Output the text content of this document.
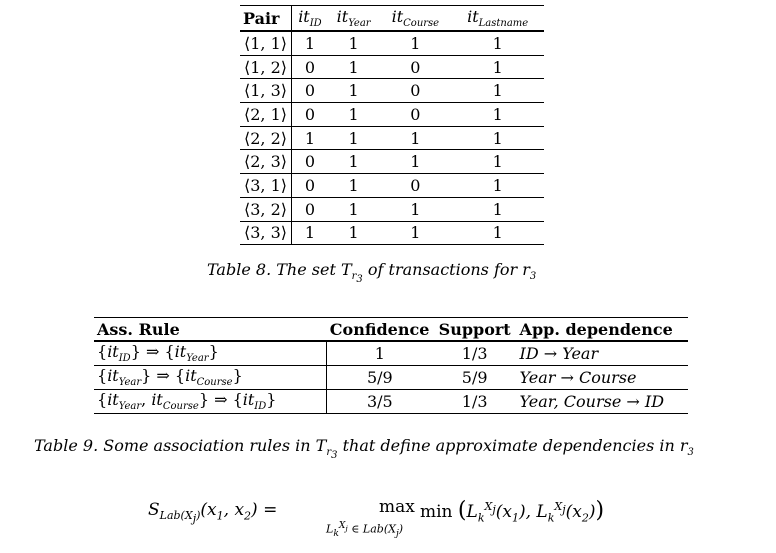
Pair	$it_{ID}$	$it_{Year}$	$it_{Course}$	$it_{Lastname}$
⟨1, 1⟩	1	1	1	1
⟨1, 2⟩	0	1	0	1
⟨1, 3⟩	0	1	0	1
⟨2, 1⟩	0	1	0	1
⟨2, 2⟩	1	1	1	1
⟨2, 3⟩	0	1	1	1
⟨3, 1⟩	0	1	0	1
⟨3, 2⟩	0	1	1	1
⟨3, 3⟩	1	1	1	1
Table 8. The set $T_{r_3}$ of transactions for $r_3$
Ass. Rule	Confidence	Support	App. dependence
$\{it_{ID}\}$ ⇒ $\{it_{Year}\}$	1	1/3	ID → Year
$\{it_{Year}\}$ ⇒ $\{it_{Course}\}$	5/9	5/9	Year → Course
{$it_{Year}$, $it_{Course}$} ⇒ $\{it_{ID}\}$	3/5	1/3	Year, Course → ID
Table 9. Some association rules in $T_{r_3}$ that define approximate dependencies in $r_3$
$S_{Lab(X_j)}(x_1$, $x_2$) =	max
$L_k^{X_j}$ ∈ $Lab(X_j)$
$\min (L_k^{X_j}(x_1)$, $L_k^{X_j}(x_2)$)
